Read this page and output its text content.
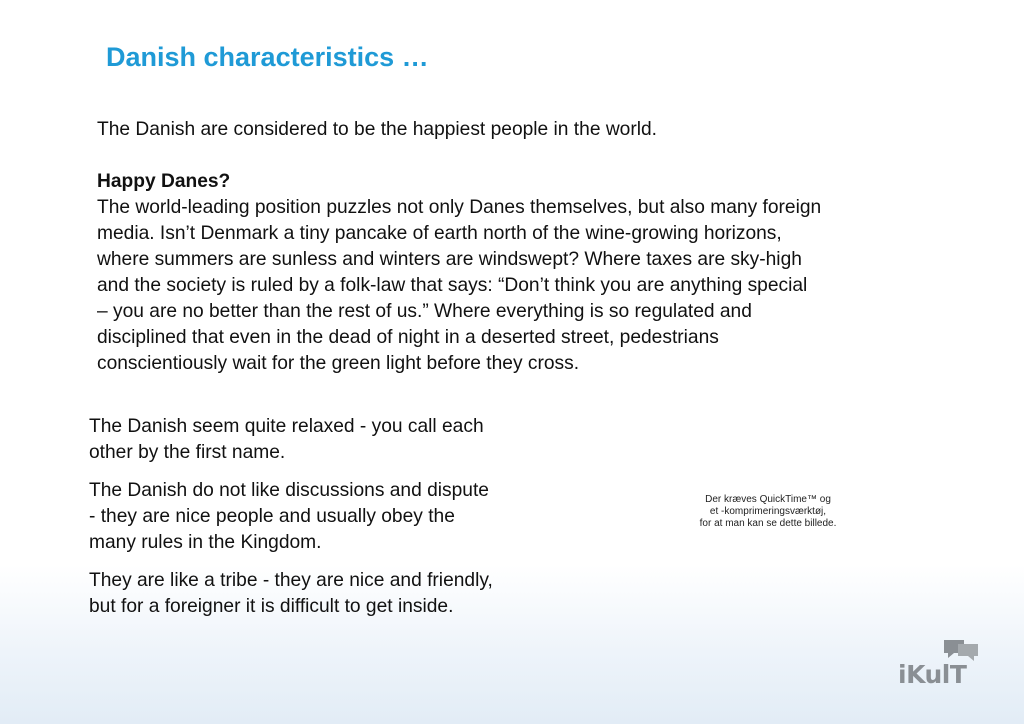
Danish characteristics …
The Danish are considered to be the happiest people in the world.
Happy Danes?
The world-leading position puzzles not only Danes themselves, but also many foreign
media. Isn’t Denmark a tiny pancake of earth north of the wine-growing horizons,
where summers are sunless and winters are windswept? Where taxes are sky-high
and the society is ruled by a folk-law that says: “Don’t think you are anything special
– you are no better than the rest of us.” Where everything is so regulated and
disciplined that even in the dead of night in a deserted street, pedestrians
conscientiously wait for the green light before they cross.

The Danish seem quite relaxed - you call each
other by the first name.

The Danish do not like discussions and dispute
- they are nice people and usually obey the
many rules in the Kingdom.

They are like a tribe - they are nice and friendly,
but for a foreigner it is difficult to get inside.

Der kræves QuickTime™ og
et -komprimeringsværktøj,
for at man kan se dette billede.
iKulT
